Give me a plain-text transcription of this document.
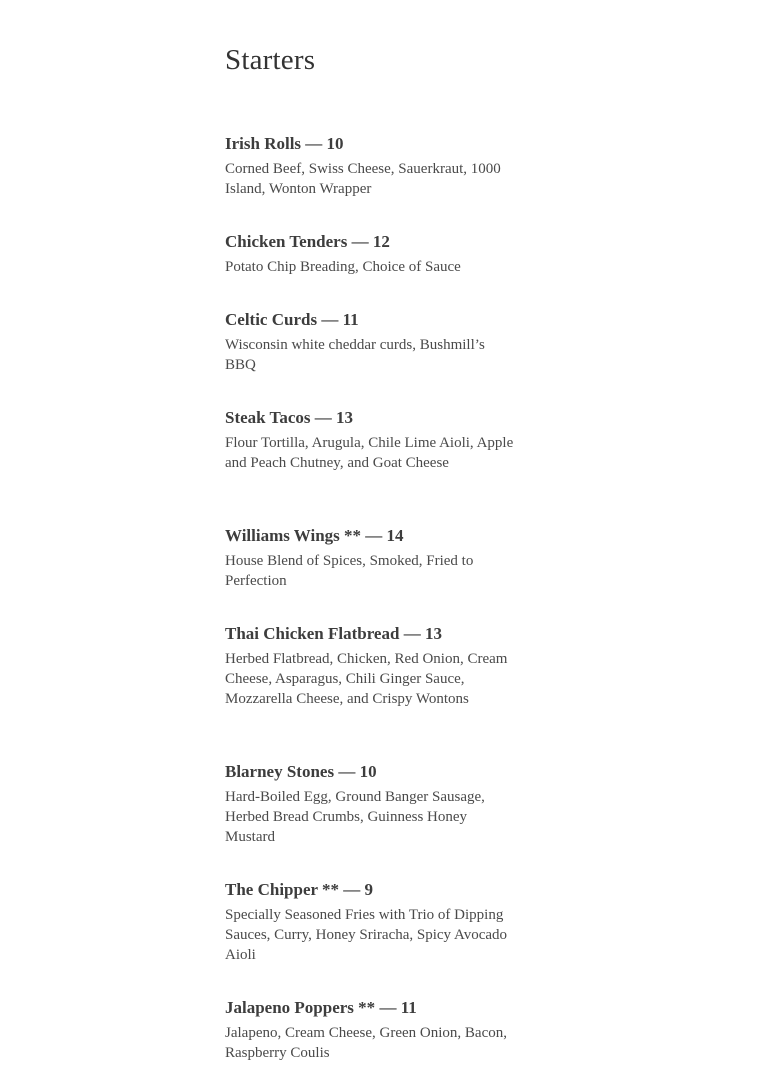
Starters
Irish Rolls — 10

Corned Beef, Swiss Cheese, Sauerkraut, 1000 Island, Wonton Wrapper

Chicken Tenders — 12

Potato Chip Breading, Choice of Sauce

Celtic Curds — 11

Wisconsin white cheddar curds, Bushmill’s BBQ

Steak Tacos — 13

Flour Tortilla, Arugula, Chile Lime Aioli, Apple and Peach Chutney, and Goat Cheese

Williams Wings ** — 14

House Blend of Spices, Smoked, Fried to Perfection

Thai Chicken Flatbread — 13

Herbed Flatbread, Chicken, Red Onion, Cream Cheese, Asparagus, Chili Ginger Sauce, Mozzarella Cheese, and Crispy Wontons

Blarney Stones — 10

Hard-Boiled Egg, Ground Banger Sausage, Herbed Bread Crumbs, Guinness Honey Mustard

The Chipper ** — 9

Specially Seasoned Fries with Trio of Dipping Sauces, Curry, Honey Sriracha, Spicy Avocado Aioli

Jalapeno Poppers ** — 11

Jalapeno, Cream Cheese, Green Onion, Bacon, Raspberry Coulis
